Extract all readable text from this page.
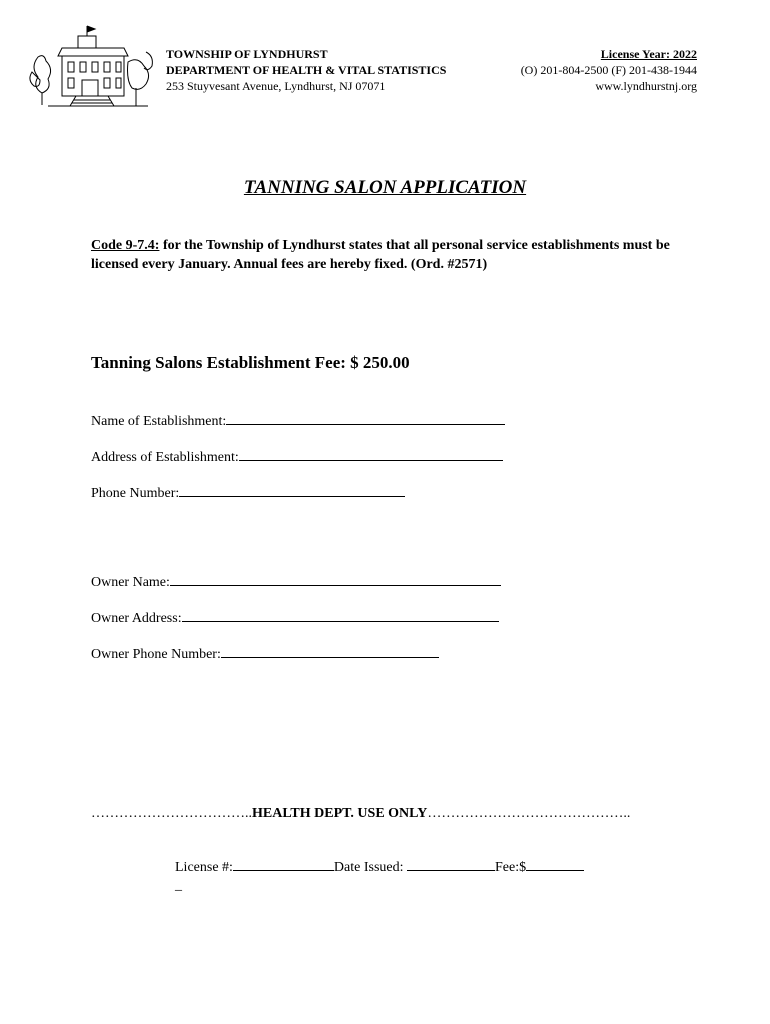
TOWNSHIP OF LYNDHURST
DEPARTMENT OF HEALTH & VITAL STATISTICS
253 Stuyvesant Avenue, Lyndhurst, NJ 07071
License Year: 2022
(O) 201-804-2500 (F) 201-438-1944
www.lyndhurstnj.org
TANNING SALON APPLICATION
Code 9-7.4: for the Township of Lyndhurst states that all personal service establishments must be licensed every January. Annual fees are hereby fixed. (Ord. #2571)
Tanning Salons Establishment Fee: $ 250.00
Name of Establishment:
Address of Establishment:
Phone Number:
Owner Name:
Owner Address:
Owner Phone Number:
……………………………..HEALTH DEPT. USE ONLY……………………………………..
License #:	Date Issued:	Fee:$
_
